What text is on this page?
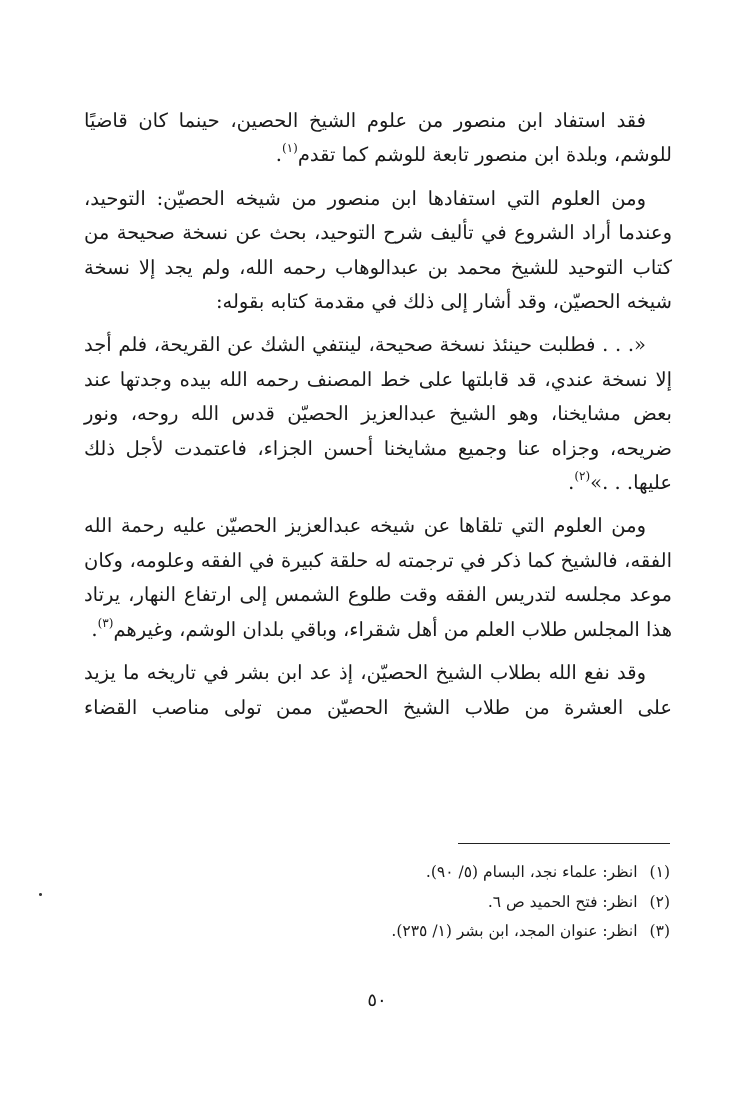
فقد استفاد ابن منصور من علوم الشيخ الحصين، حينما كان قاضيًا للوشم، وبلدة ابن منصور تابعة للوشم كما تقدم$^{(١)}$.

ومن العلوم التي استفادها ابن منصور من شيخه الحصيّن: التوحيد، وعندما أراد الشروع في تأليف شرح التوحيد، بحث عن نسخة صحيحة من كتاب التوحيد للشيخ محمد بن عبدالوهاب رحمه الله، ولم يجد إلا نسخة شيخه الحصيّن، وقد أشار إلى ذلك في مقدمة كتابه بقوله:

«. . . فطلبت حينئذ نسخة صحيحة، لينتفي الشك عن القريحة، فلم أجد إلا نسخة عندي، قد قابلتها على خط المصنف رحمه الله بيده وجدتها عند بعض مشايخنا، وهو الشيخ عبدالعزيز الحصيّن قدس الله روحه، ونور ضريحه، وجزاه عنا وجميع مشايخنا أحسن الجزاء، فاعتمدت لأجل ذلك عليها. . .»$^{(٢)}$.

ومن العلوم التي تلقاها عن شيخه عبدالعزيز الحصيّن عليه رحمة الله الفقه، فالشيخ كما ذكر في ترجمته له حلقة كبيرة في الفقه وعلومه، وكان موعد مجلسه لتدريس الفقه وقت طلوع الشمس إلى ارتفاع النهار، يرتاد هذا المجلس طلاب العلم من أهل شقراء، وباقي بلدان الوشم، وغيرهم$^{(٣)}$.

وقد نفع الله بطلاب الشيخ الحصيّن، إذ عد ابن بشر في تاريخه ما يزيد على العشرة من طلاب الشيخ الحصيّن ممن تولى مناصب القضاء

(١)انظر: علماء نجد، البسام (٥/ ٩٠).

(٢)انظر: فتح الحميد ص ٦.

(٣)انظر: عنوان المجد، ابن بشر (١/ ٢٣٥).

٥٠
